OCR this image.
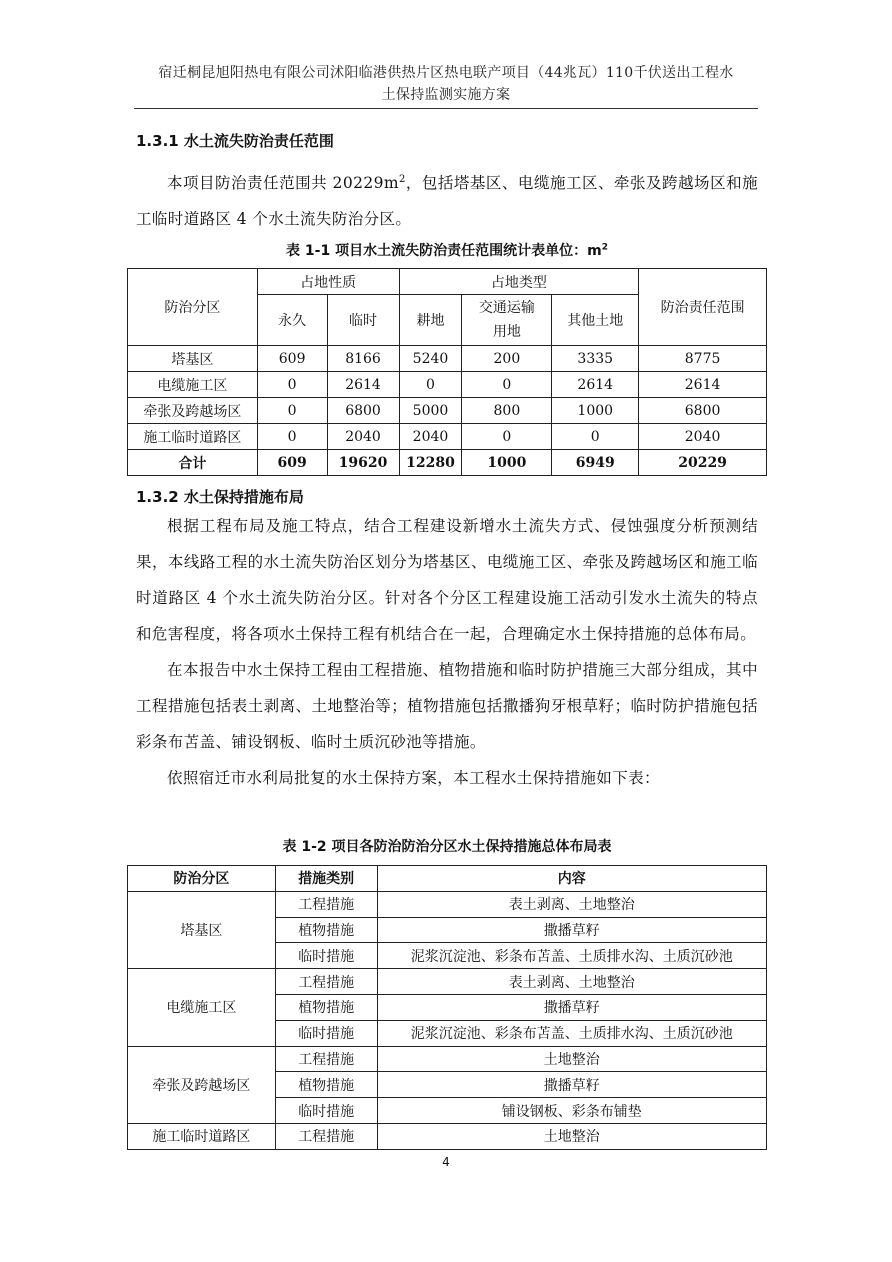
宿迁桐昆旭阳热电有限公司沭阳临港供热片区热电联产项目（44兆瓦）110千伏送出工程水
土保持监测实施方案
1.3.1 水土流失防治责任范围

本项目防治责任范围共 $20229m^2$，包括塔基区、电缆施工区、牵张及跨越场区和施工临时道路区 4 个水土流失防治分区。

表 1-1 项目水土流失防治责任范围统计表单位：$m^2$
防治分区	占地性质		占地类型			防治责任范围
	永久	临时	耕地	交通运输用地	其他土地	
塔基区	609	8166	5240	200	3335	8775
电缆施工区	0	2614	0	0	2614	2614
牵张及跨越场区	0	6800	5000	800	1000	6800
施工临时道路区	0	2040	2040	0	0	2040
合计	609	19620	12280	1000	6949	20229
1.3.2 水土保持措施布局

根据工程布局及施工特点，结合工程建设新增水土流失方式、侵蚀强度分析预测结果，本线路工程的水土流失防治区划分为塔基区、电缆施工区、牵张及跨越场区和施工临时道路区 4 个水土流失防治分区。针对各个分区工程建设施工活动引发水土流失的特点和危害程度，将各项水土保持工程有机结合在一起，合理确定水土保持措施的总体布局。

在本报告中水土保持工程由工程措施、植物措施和临时防护措施三大部分组成，其中工程措施包括表土剥离、土地整治等；植物措施包括撒播狗牙根草籽；临时防护措施包括彩条布苫盖、铺设钢板、临时土质沉砂池等措施。

依照宿迁市水利局批复的水土保持方案，本工程水土保持措施如下表：

表 1-2 项目各防治防治分区水土保持措施总体布局表
防治分区	措施类别	内容
塔基区	工程措施	表土剥离、土地整治
	植物措施	撒播草籽
	临时措施	泥浆沉淀池、彩条布苫盖、土质排水沟、土质沉砂池
电缆施工区	工程措施	表土剥离、土地整治
	植物措施	撒播草籽
	临时措施	泥浆沉淀池、彩条布苫盖、土质排水沟、土质沉砂池
牵张及跨越场区	工程措施	土地整治
	植物措施	撒播草籽
	临时措施	铺设钢板、彩条布铺垫
施工临时道路区	工程措施	土地整治
4
